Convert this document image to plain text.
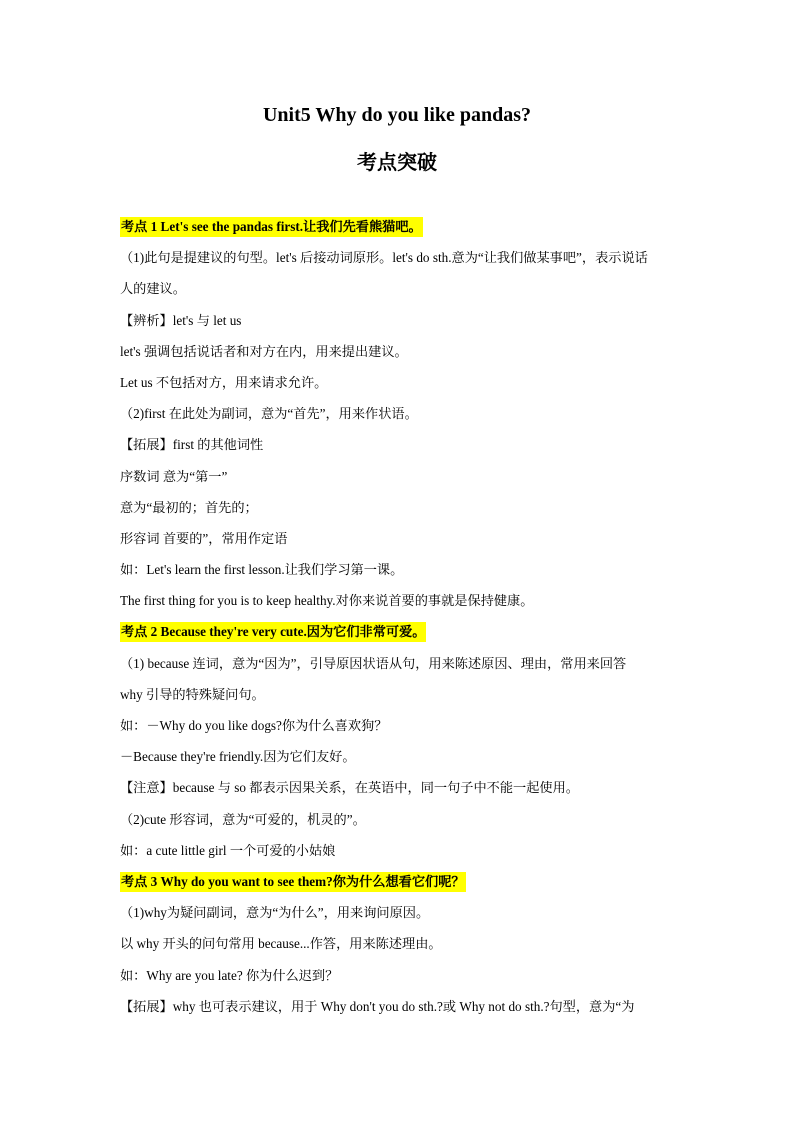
Unit5 Why do you like pandas?
考点突破
考点 1 Let's see the pandas first.让我们先看熊猫吧。
（1)此句是提建议的句型。let's 后接动词原形。let's do sth.意为“让我们做某事吧”，表示说话
人的建议。
【辨析】let's 与 let us
let's 强调包括说话者和对方在内，用来提出建议。
Let us 不包括对方，用来请求允许。
（2)first 在此处为副词，意为“首先”，用来作状语。
【拓展】first 的其他词性
序数词 意为“第一”
意为“最初的；首先的；
形容词 首要的”，常用作定语
如：Let's learn the first lesson.让我们学习第一课。
The first thing for you is to keep healthy.对你来说首要的事就是保持健康。
考点 2 Because they're very cute.因为它们非常可爱。
（1) because 连词，意为“因为”，引导原因状语从句，用来陈述原因、理由，常用来回答
why 引导的特殊疑问句。
如：－Why do you like dogs?你为什么喜欢狗？
－Because they're friendly.因为它们友好。
【注意】because 与 so 都表示因果关系，在英语中，同一句子中不能一起使用。
（2)cute 形容词，意为“可爱的，机灵的”。
如：a cute little girl 一个可爱的小姑娘
考点 3 Why do you want to see them?你为什么想看它们呢？
（1)why为疑问副词，意为“为什么”，用来询问原因。
以 why 开头的问句常用 because...作答，用来陈述理由。
如：Why are you late? 你为什么迟到？
【拓展】why 也可表示建议，用于 Why don't you do sth.?或 Why not do sth.?句型，意为“为
